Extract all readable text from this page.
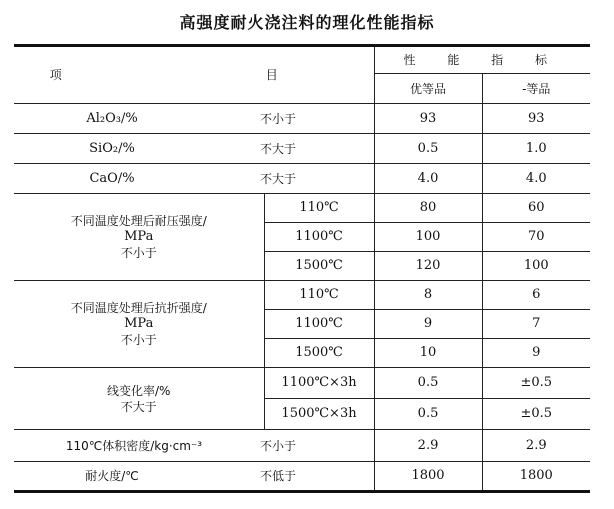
高强度耐火浇注料的理化性能指标
项　　目		性 能 指 标	
		优等品	-等品

Al₂O₃/% 不小于		93	93

SiO₂/% 不大于		0.5	1.0

CaO/% 不大于		4.0	4.0

不同温度处理后耐压强度/
MPa
不小于	110℃	80	60
	1100℃	100	70
	1500℃	120	100

不同温度处理后抗折强度/
MPa
不小于	110℃	8	6
	1100℃	9	7
	1500℃	10	9

线变化率/%
不大于	1100℃×3h	0.5	±0.5
	1500℃×3h	0.5	±0.5

110℃体积密度/kg·cm⁻³ 不小于		2.9	2.9

耐火度/℃ 不低于		1800	1800
